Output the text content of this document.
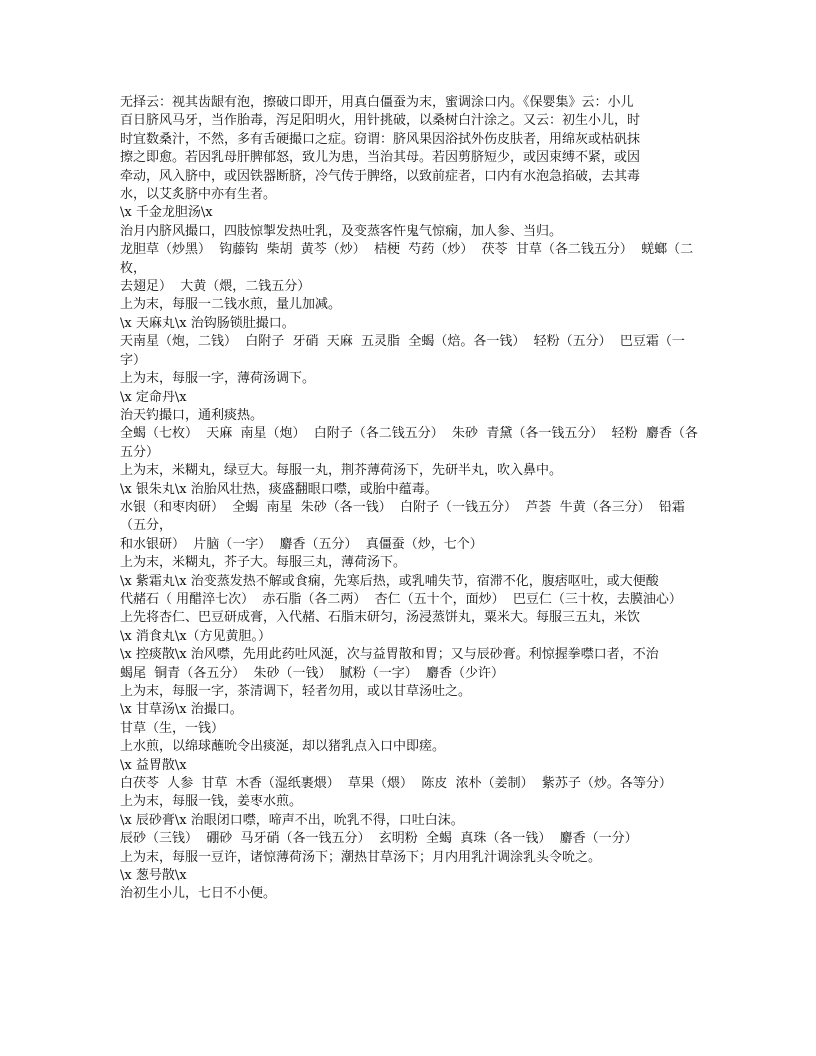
无择云：视其齿龈有泡，擦破口即开，用真白僵蚕为末，蜜调涂口内。《保婴集》云：小儿

百日脐风马牙，当作胎毒，泻足阳明火，用针挑破，以桑树白汁涂之。又云：初生小儿，时

时宜数桑汁，不然，多有舌硬撮口之症。窃谓：脐风果因浴拭外伤皮肤者，用绵灰或枯矾抹

擦之即愈。若因乳母肝脾郁怒，致儿为患，当治其母。若因剪脐短少，或因束缚不紧，或因

牵动，风入脐中，或因铁器断脐，冷气传于脾络，以致前症者，口内有水泡急掐破，去其毒

水，以艾炙脐中亦有生者。

\x 千金龙胆汤\x

治月内脐风撮口，四肢惊掣发热吐乳，及变蒸客忤鬼气惊痫，加人参、当归。

龙胆草（炒黑）  钩藤钩  柴胡  黄芩（炒）  桔梗  芍药（炒）  茯苓  甘草（各二钱五分）  蜣螂（二枚，

去翅足）  大黄（煨，二钱五分）

上为末，每服一二钱水煎，量儿加减。

\x 天麻丸\x 治钩肠锁肚撮口。

天南星（炮，二钱）  白附子  牙硝  天麻  五灵脂  全蝎（焙。各一钱）  轻粉（五分）  巴豆霜（一字）

上为末，每服一字，薄荷汤调下。

\x 定命丹\x

治天钓撮口，通利痰热。

全蝎（七枚）  天麻  南星（炮）  白附子（各二钱五分）  朱砂  青黛（各一钱五分）  轻粉  麝香（各五分）

上为末，米糊丸，绿豆大。每服一丸，荆芥薄荷汤下，先研半丸，吹入鼻中。

\x 银朱丸\x 治胎风壮热，痰盛翻眼口噤，或胎中蕴毒。

水银（和枣肉研）  全蝎  南星  朱砂（各一钱）  白附子（一钱五分）  芦荟  牛黄（各三分）  铅霜（五分，

和水银研）  片脑（一字）  麝香（五分）  真僵蚕（炒，七个）

上为末，米糊丸，芥子大。每服三丸，薄荷汤下。

\x 紫霜丸\x 治变蒸发热不解或食痫，先寒后热，或乳哺失节，宿滞不化，腹痞呕吐，或大便酸

代赭石（ 用醋淬七次）  赤石脂（各二两）  杏仁（五十个，面炒）  巴豆仁（三十枚，去膜油心）

上先将杏仁、巴豆研成膏，入代赭、石脂末研匀，汤浸蒸饼丸，粟米大。每服三五丸，米饮

\x 消食丸\x（方见黄胆。）

\x 控痰散\x 治风噤，先用此药吐风涎，次与益胃散和胃；又与辰砂膏。利惊握拳噤口者，不治

蝎尾  铜青（各五分）  朱砂（一钱）  腻粉（一字）  麝香（少许）

上为末，每服一字，茶清调下，轻者勿用，或以甘草汤吐之。

\x 甘草汤\x 治撮口。

甘草（生，一钱）

上水煎，以绵球蘸吮令出痰涎，却以猪乳点入口中即瘥。

\x 益胃散\x

白茯苓  人参  甘草  木香（湿纸裹煨）  草果（煨）  陈皮  浓朴（姜制）  紫苏子（炒。各等分）

上为末，每服一钱，姜枣水煎。

\x 辰砂膏\x 治眼闭口噤，啼声不出，吮乳不得，口吐白沫。

辰砂（三钱）  硼砂  马牙硝（各一钱五分）  玄明粉  全蝎  真珠（各一钱）  麝香（一分）

上为末，每服一豆许，诸惊薄荷汤下；潮热甘草汤下；月内用乳汁调涂乳头令吮之。

\x 葱号散\x

治初生小儿，七日不小便。
